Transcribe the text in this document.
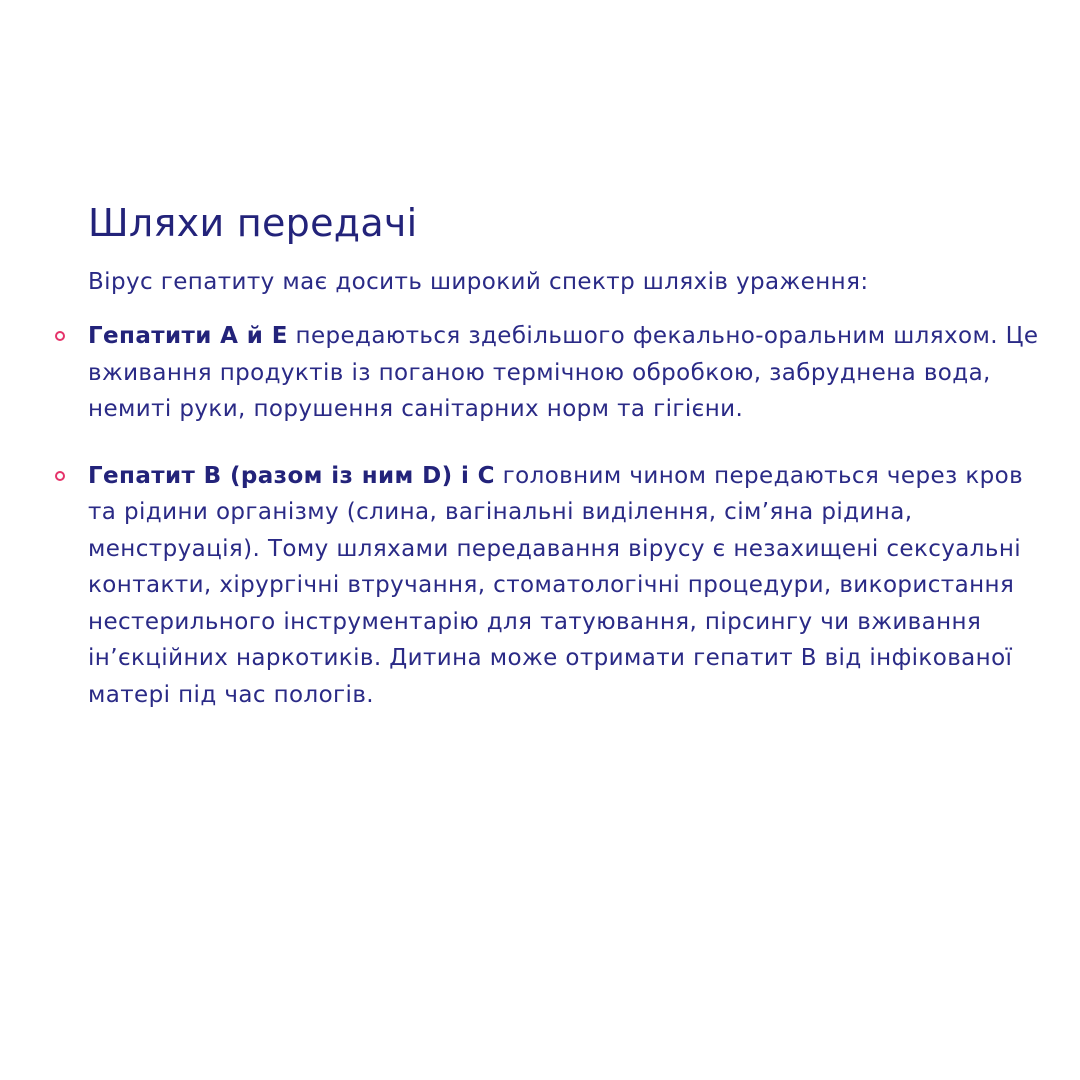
Шляхи передачі

Вірус гепатиту має досить широкий спектр шляхів ураження:

Гепатити А й Е передаються здебільшого фекально-оральним шляхом. Це вживання продуктів із поганою термічною обробкою, забруднена вода, немиті руки, порушення санітарних норм та гігієни.
Гепатит В (разом із ним D) і С головним чином передаються через кров та рідини організму (слина, вагінальні виділення, сім’яна рідина, менструація). Тому шляхами передавання вірусу є незахищені сексуальні контакти, хірургічні втручання, стоматологічні процедури, використання нестерильного інструментарію для татуювання, пірсингу чи вживання ін’єкційних наркотиків. Дитина може отримати гепатит В від інфікованої матері під час пологів.
